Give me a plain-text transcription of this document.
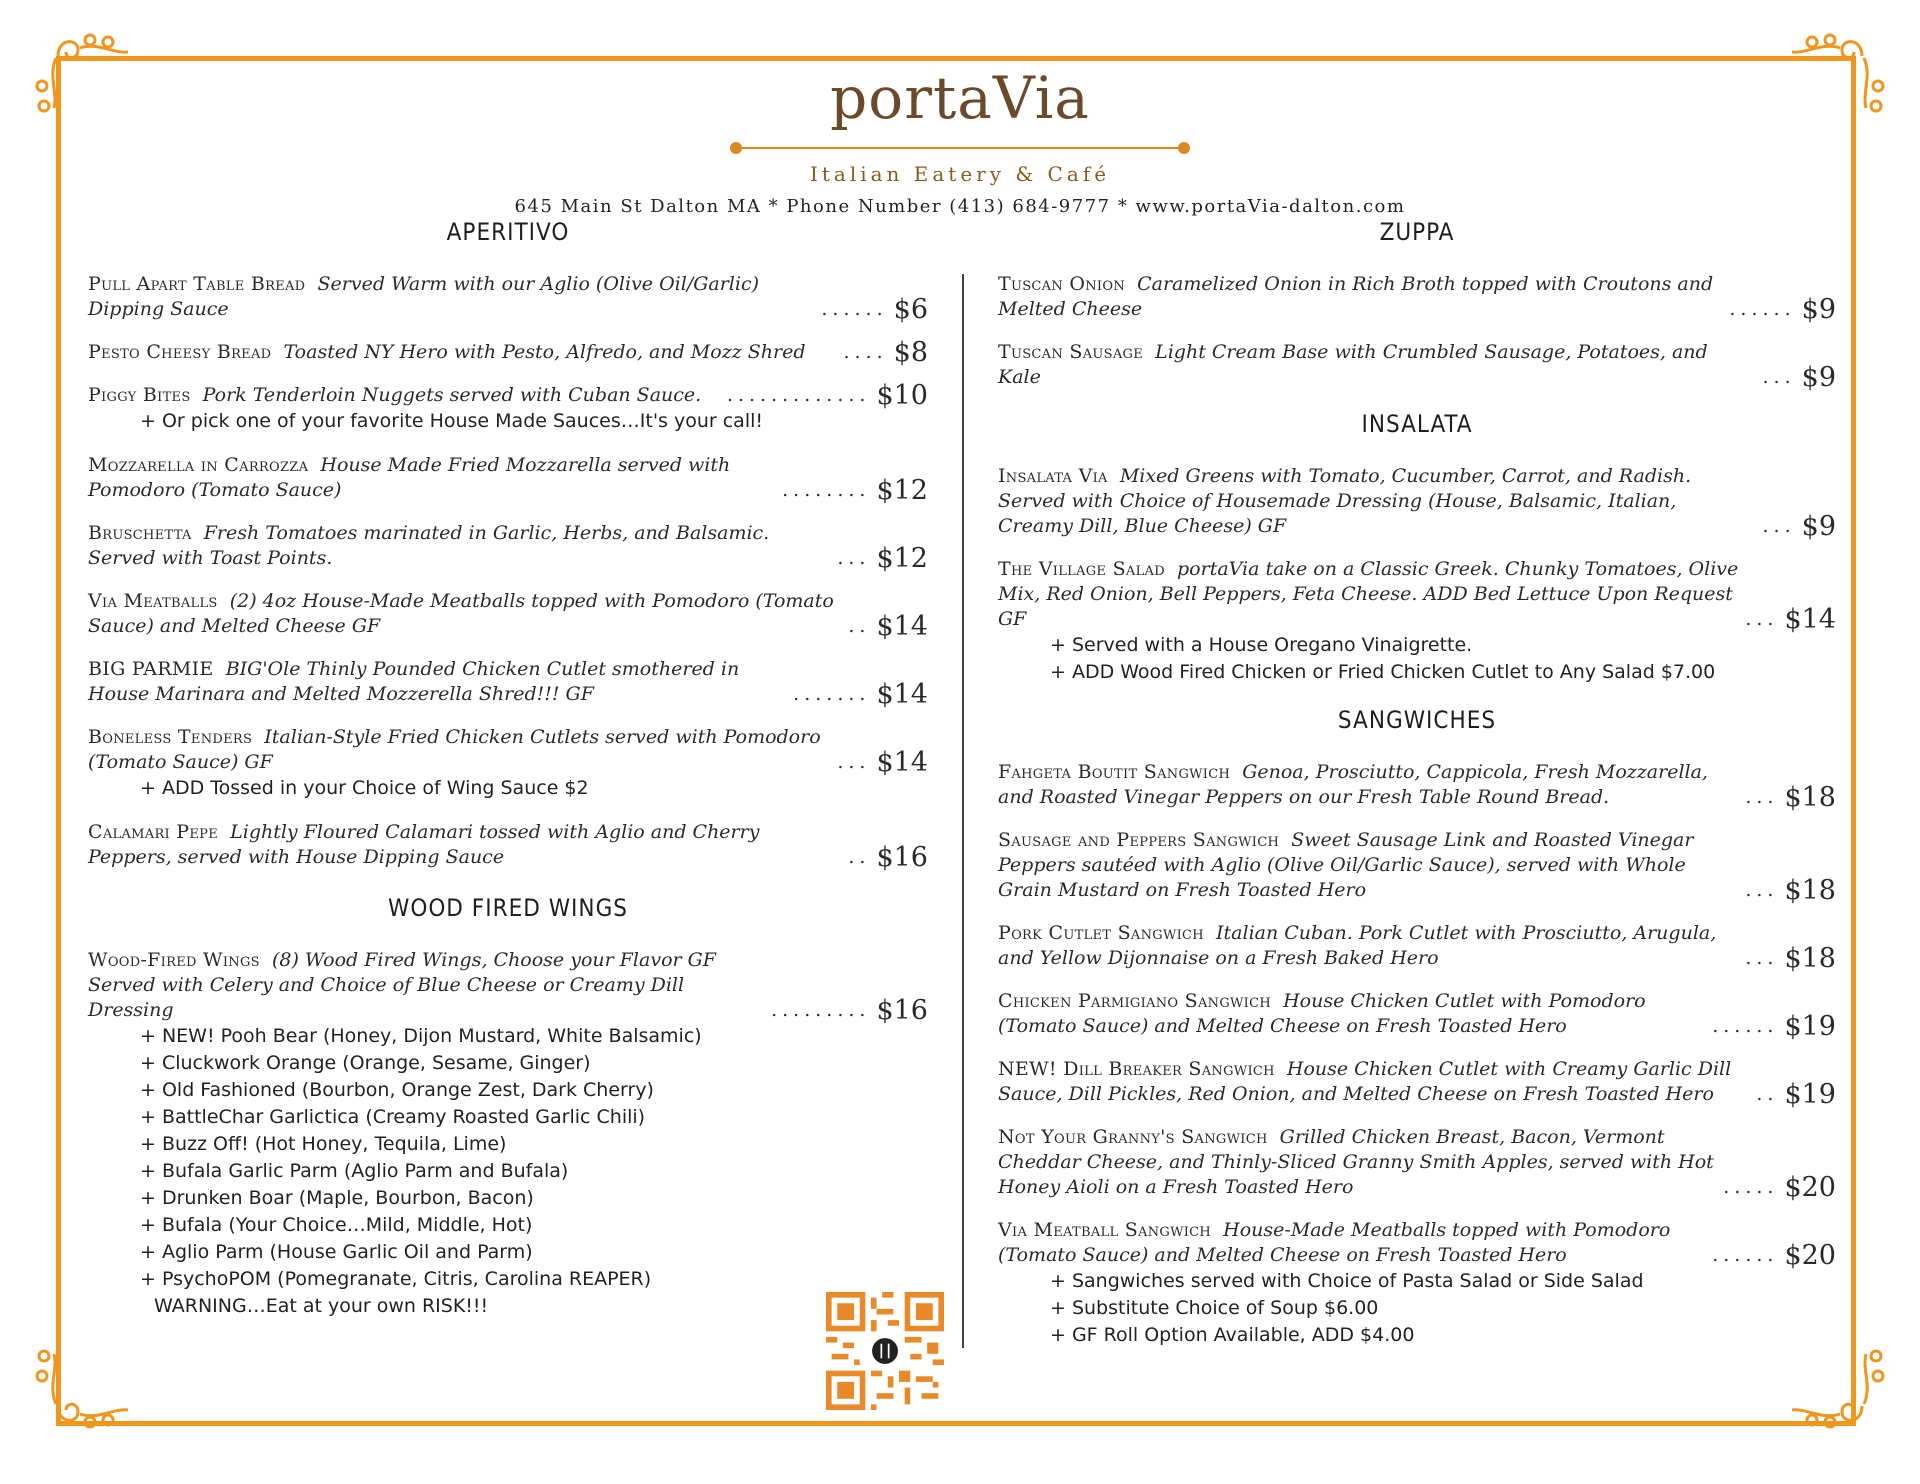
portaVia
Italian Eatery & Café
645 Main St Dalton MA * Phone Number (413) 684-9777 * www.portaVia-dalton.com
APERITIVO
Pull Apart Table Bread Served Warm with our Aglio (Olive Oil/Garlic) Dipping Sauce	...... $6
Pesto Cheesy Bread Toasted NY Hero with Pesto, Alfredo, and Mozz Shred	.... $8
Piggy Bites Pork Tenderloin Nuggets served with Cuban Sauce.	............. $10
+ Or pick one of your favorite House Made Sauces…It's your call!
Mozzarella in Carrozza House Made Fried Mozzarella served with Pomodoro (Tomato Sauce)	........ $12
Bruschetta Fresh Tomatoes marinated in Garlic, Herbs, and Balsamic. Served with Toast Points.	... $12
Via Meatballs (2) 4oz House-Made Meatballs topped with Pomodoro (Tomato Sauce) and Melted Cheese GF	.. $14
BIG PARMIE BIG'Ole Thinly Pounded Chicken Cutlet smothered in House Marinara and Melted Mozzerella Shred!!! GF	....... $14
Boneless Tenders Italian-Style Fried Chicken Cutlets served with Pomodoro (Tomato Sauce) GF	... $14
+ ADD Tossed in your Choice of Wing Sauce $2
Calamari Pepe Lightly Floured Calamari tossed with Aglio and Cherry Peppers, served with House Dipping Sauce	.. $16
WOOD FIRED WINGS
Wood-Fired Wings (8) Wood Fired Wings, Choose your Flavor GF Served with Celery and Choice of Blue Cheese or Creamy Dill Dressing	......... $16
+ NEW! Pooh Bear (Honey, Dijon Mustard, White Balsamic)
+ Cluckwork Orange (Orange, Sesame, Ginger)
+ Old Fashioned (Bourbon, Orange Zest, Dark Cherry)
+ BattleChar Garlictica (Creamy Roasted Garlic Chili)
+ Buzz Off! (Hot Honey, Tequila, Lime)
+ Bufala Garlic Parm (Aglio Parm and Bufala)
+ Drunken Boar (Maple, Bourbon, Bacon)
+ Bufala (Your Choice…Mild, Middle, Hot)
+ Aglio Parm (House Garlic Oil and Parm)
+ PsychoPOM (Pomegranate, Citris, Carolina REAPER)
WARNING…Eat at your own RISK!!!
ZUPPA
Tuscan Onion Caramelized Onion in Rich Broth topped with Croutons and Melted Cheese	...... $9
Tuscan Sausage Light Cream Base with Crumbled Sausage, Potatoes, and Kale	... $9
INSALATA
Insalata Via Mixed Greens with Tomato, Cucumber, Carrot, and Radish. Served with Choice of Housemade Dressing (House, Balsamic, Italian, Creamy Dill, Blue Cheese) GF	... $9
The Village Salad portaVia take on a Classic Greek. Chunky Tomatoes, Olive Mix, Red Onion, Bell Peppers, Feta Cheese. ADD Bed Lettuce Upon Request GF	... $14
+ Served with a House Oregano Vinaigrette.
+ ADD Wood Fired Chicken or Fried Chicken Cutlet to Any Salad $7.00
SANGWICHES
Fahgeta Boutit Sangwich Genoa, Prosciutto, Cappicola, Fresh Mozzarella, and Roasted Vinegar Peppers on our Fresh Table Round Bread.	... $18
Sausage and Peppers Sangwich Sweet Sausage Link and Roasted Vinegar Peppers sautéed with Aglio (Olive Oil/Garlic Sauce), served with Whole Grain Mustard on Fresh Toasted Hero	... $18
Pork Cutlet Sangwich Italian Cuban. Pork Cutlet with Prosciutto, Arugula, and Yellow Dijonnaise on a Fresh Baked Hero	... $18
Chicken Parmigiano Sangwich House Chicken Cutlet with Pomodoro (Tomato Sauce) and Melted Cheese on Fresh Toasted Hero	...... $19
NEW! Dill Breaker Sangwich House Chicken Cutlet with Creamy Garlic Dill Sauce, Dill Pickles, Red Onion, and Melted Cheese on Fresh Toasted Hero	.. $19
Not Your Granny's Sangwich Grilled Chicken Breast, Bacon, Vermont Cheddar Cheese, and Thinly-Sliced Granny Smith Apples, served with Hot Honey Aioli on a Fresh Toasted Hero	..... $20
Via Meatball Sangwich House-Made Meatballs topped with Pomodoro (Tomato Sauce) and Melted Cheese on Fresh Toasted Hero	...... $20
+ Sangwiches served with Choice of Pasta Salad or Side Salad
+ Substitute Choice of Soup $6.00
+ GF Roll Option Available, ADD $4.00
